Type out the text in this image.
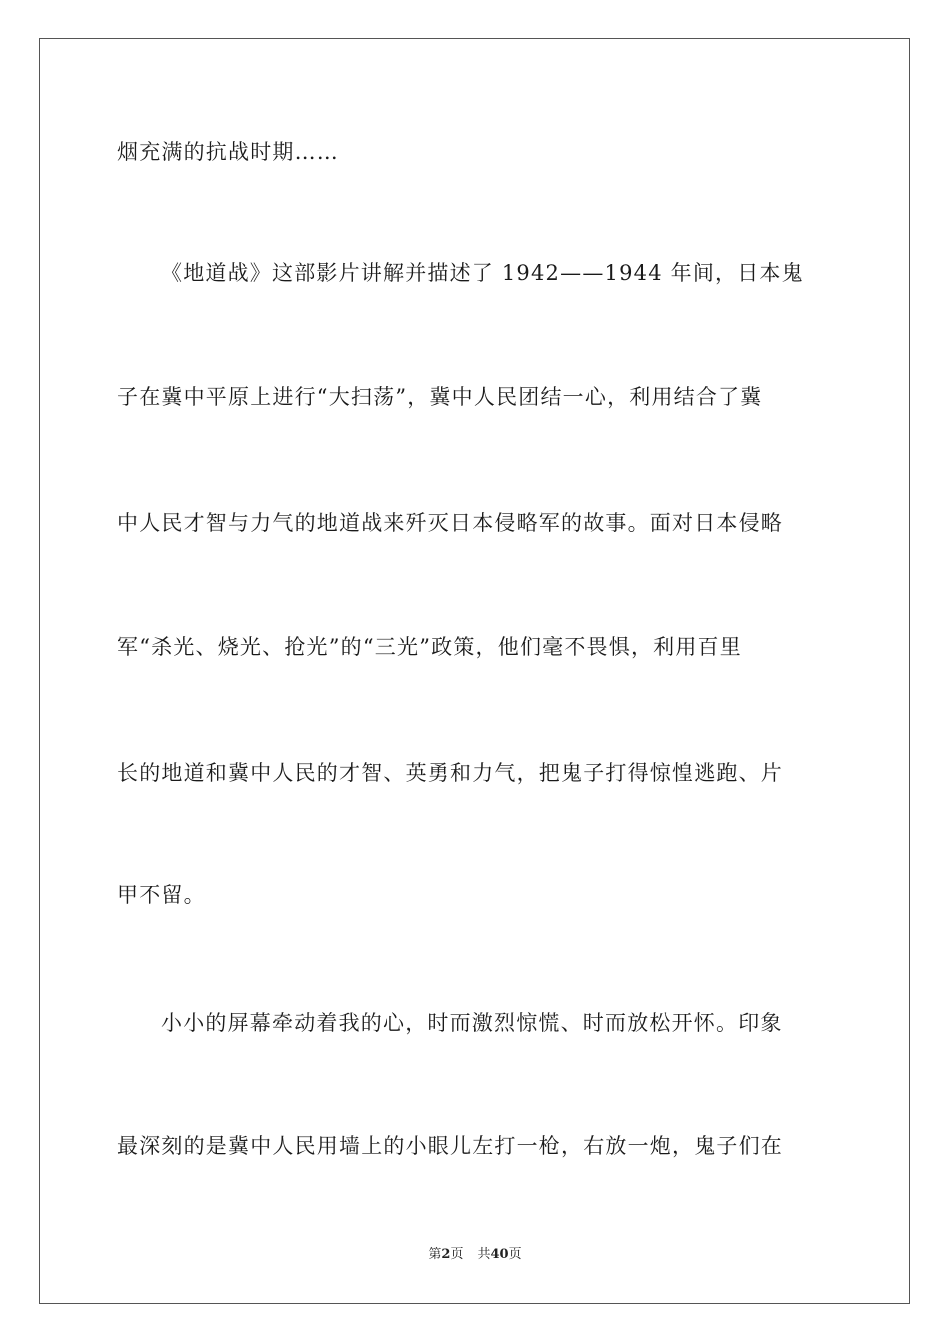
烟充满的抗战时期……
《地道战》这部影片讲解并描述了 1942——1944 年间，日本鬼
子在冀中平原上进行“大扫荡”，冀中人民团结一心，利用结合了冀
中人民才智与力气的地道战来歼灭日本侵略军的故事。面对日本侵略
军“杀光、烧光、抢光”的“三光”政策，他们毫不畏惧，利用百里
长的地道和冀中人民的才智、英勇和力气，把鬼子打得惊惶逃跑、片
甲不留。
小小的屏幕牵动着我的心，时而激烈惊慌、时而放松开怀。印象
最深刻的是冀中人民用墙上的小眼儿左打一枪，右放一炮，鬼子们在
第2页 共40页
